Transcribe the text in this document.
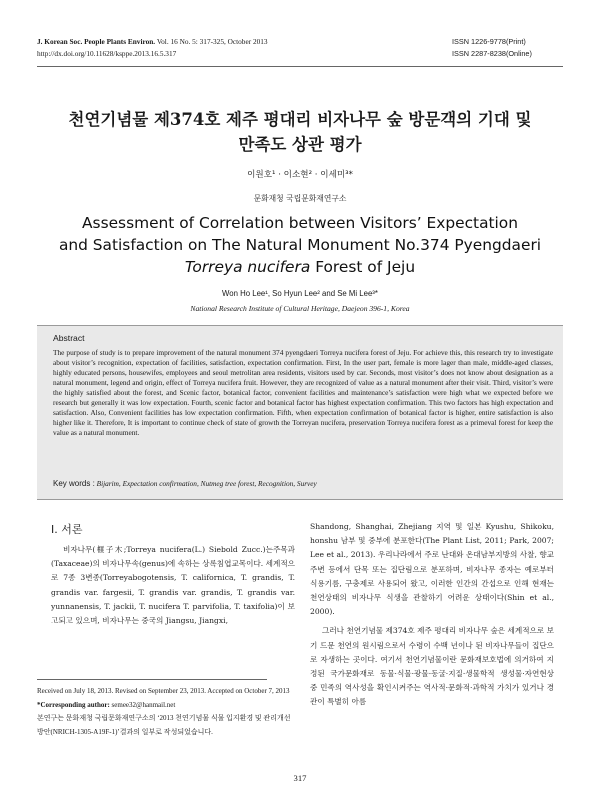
J. Korean Soc. People Plants Environ. Vol. 16 No. 5: 317-325, October 2013
http://dx.doi.org/10.11628/ksppe.2013.16.5.317
ISSN 1226-9778(Print)
ISSN 2287-8238(Online)
천연기념물 제374호 제주 평대리 비자나무 숲 방문객의 기대 및
만족도 상관 평가
이원호¹ · 이소현² · 이세미³*
문화재청 국립문화재연구소
Assessment of Correlation between Visitors’ Expectation
and Satisfaction on The Natural Monument No.374 Pyengdaeri
Torreya nucifera Forest of Jeju
Won Ho Lee¹, So Hyun Lee² and Se Mi Lee³*
National Research Institute of Cultural Heritage, Daejeon 396-1, Korea
Abstract
The purpose of study is to prepare improvement of the natural monument 374 pyengdaeri Torreya nucifera forest of Jeju. For achieve this, this research try to investigate about visitor’s recognition, expectation of facilities, satisfaction, expectation confirmation. First, In the user part, female is more lager than male, middle-aged classes, highly educated persons, housewifes, employees and seoul metrolitan area residents, visitors used by car. Seconds, most visitor’s does not know about designation as a natural monument, legend and origin, effect of Torreya nucifera fruit. However, they are recognized of value as a natural monument after their visit. Third, visitor’s were the highly satisfied about the forest, and Scenic factor, botanical factor, convenient facilities and maintenance’s satisfaction were high what we expected before we research but generally it was low expectation. Fourth, scenic factor and botanical factor has highest expectation confirmation. This two factors has high expectation and satisfaction. Also, Convenient facilities has low expectation confirmation. Fifth, when expectation confirmation of botanical factor is higher, entire satisfaction is also higher like it. Therefore, It is important to continue check of state of growth the Torreyan nucifera, preservation Torreya nucifera forest as a primeval forest for keep the value as a natural monument.
Key words : Bijarim, Expectation confirmation, Nutmeg tree forest, Recognition, Survey
Ⅰ. 서론

비자나무(榧子木;Torreya nucifera(L.) Siebold Zucc.)는주목과(Taxaceae)의 비자나무속(genus)에 속하는 상록침엽교목이다. 세계적으로 7종 3변종(Torreyabogotensis, T. californica, T. grandis, T. grandis var. fargesii, T. grandis var. grandis, T. grandis var. yunnanensis, T. jackii, T. nucifera T. parvifolia, T. taxifolia)이 보고되고 있으며, 비자나무는 중국의 Jiangsu, Jiangxi,

Shandong, Shanghai, Zhejiang 지역 및 일본 Kyushu, Shikoku, honshu 남부 및 중부에 분포한다(The Plant List, 2011; Park, 2007; Lee et al., 2013). 우리나라에서 주로 난대와 온대남부지방의 사찰, 향교주변 등에서 단목 또는 집단림으로 분포하며, 비자나무 종자는 예로부터 식용기름, 구충제로 사용되어 왔고, 이러한 인간의 간섭으로 인해 현재는 천연상태의 비자나무 식생을 관찰하기 어려운 상태이다(Shin et al., 2000).

그러나 천연기념물 제374호 제주 평대리 비자나무 숲은 세계적으로 보기 드문 천연의 원시림으로서 수령이 수백 년이나 된 비자나무들이 집단으로 자생하는 곳이다. 여기서 천연기념물이란 문화재보호법에 의거하여 지정된 국가문화재로 동물·식물·광물·동굴·지질·생물학적 생성물·자연현상 중 민족의 역사성을 확인시켜주는 역사적·문화적·과학적 가치가 있거나 경관이 특별히 아름

Received on July 18, 2013. Revised on September 23, 2013. Accepted on October 7, 2013
*Corresponding author: semee32@hanmail.net
본연구는 문화재청 국립문화재연구소의 ‘2013 천연기념물 식물 입지환경 및 관리개선방안(NRICH-1305-A19F-1)’결과의 일부로 작성되었습니다.
317
